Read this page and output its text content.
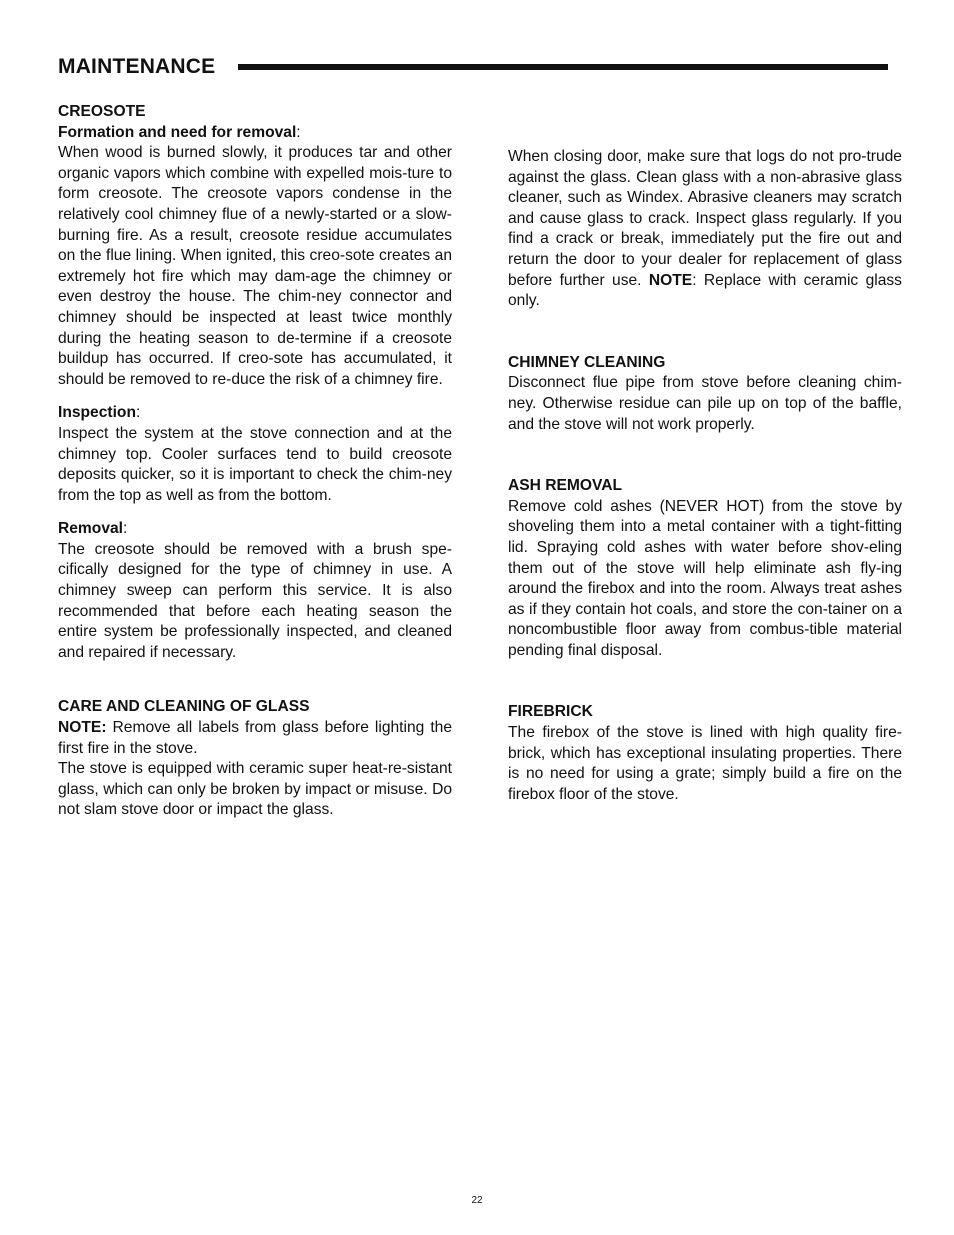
MAINTENANCE
CREOSOTE
Formation and need for removal:

When wood is burned slowly, it produces tar and other organic vapors which combine with expelled mois-ture to form creosote. The creosote vapors condense in the relatively cool chimney flue of a newly-started or a slow-burning fire. As a result, creosote residue accumulates on the flue lining. When ignited, this creo-sote creates an extremely hot fire which may dam-age the chimney or even destroy the house. The chim-ney connector and chimney should be inspected at least twice monthly during the heating season to de-termine if a creosote buildup has occurred. If creo-sote has accumulated, it should be removed to re-duce the risk of a chimney fire.

Inspection:

Inspect the system at the stove connection and at the chimney top. Cooler surfaces tend to build creosote deposits quicker, so it is important to check the chim-ney from the top as well as from the bottom.

Removal:

The creosote should be removed with a brush spe-cifically designed for the type of chimney in use. A chimney sweep can perform this service. It is also recommended that before each heating season the entire system be professionally inspected, and cleaned and repaired if necessary.

CARE AND CLEANING OF GLASS

NOTE: Remove all labels from glass before lighting the first fire in the stove.

The stove is equipped with ceramic super heat-re-sistant glass, which can only be broken by impact or misuse. Do not slam stove door or impact the glass.

When closing door, make sure that logs do not pro-trude against the glass. Clean glass with a non-abrasive glass cleaner, such as Windex. Abrasive cleaners may scratch and cause glass to crack. Inspect glass regularly. If you find a crack or break, immediately put the fire out and return the door to your dealer for replacement of glass before further use. NOTE: Replace with ceramic glass only.

CHIMNEY CLEANING

Disconnect flue pipe from stove before cleaning chim-ney. Otherwise residue can pile up on top of the baffle, and the stove will not work properly.

ASH REMOVAL

Remove cold ashes (NEVER HOT) from the stove by shoveling them into a metal container with a tight-fitting lid. Spraying cold ashes with water before shov-eling them out of the stove will help eliminate ash fly-ing around the firebox and into the room. Always treat ashes as if they contain hot coals, and store the con-tainer on a noncombustible floor away from combus-tible material pending final disposal.

FIREBRICK

The firebox of the stove is lined with high quality fire-brick, which has exceptional insulating properties. There is no need for using a grate; simply build a fire on the firebox floor of the stove.

22
